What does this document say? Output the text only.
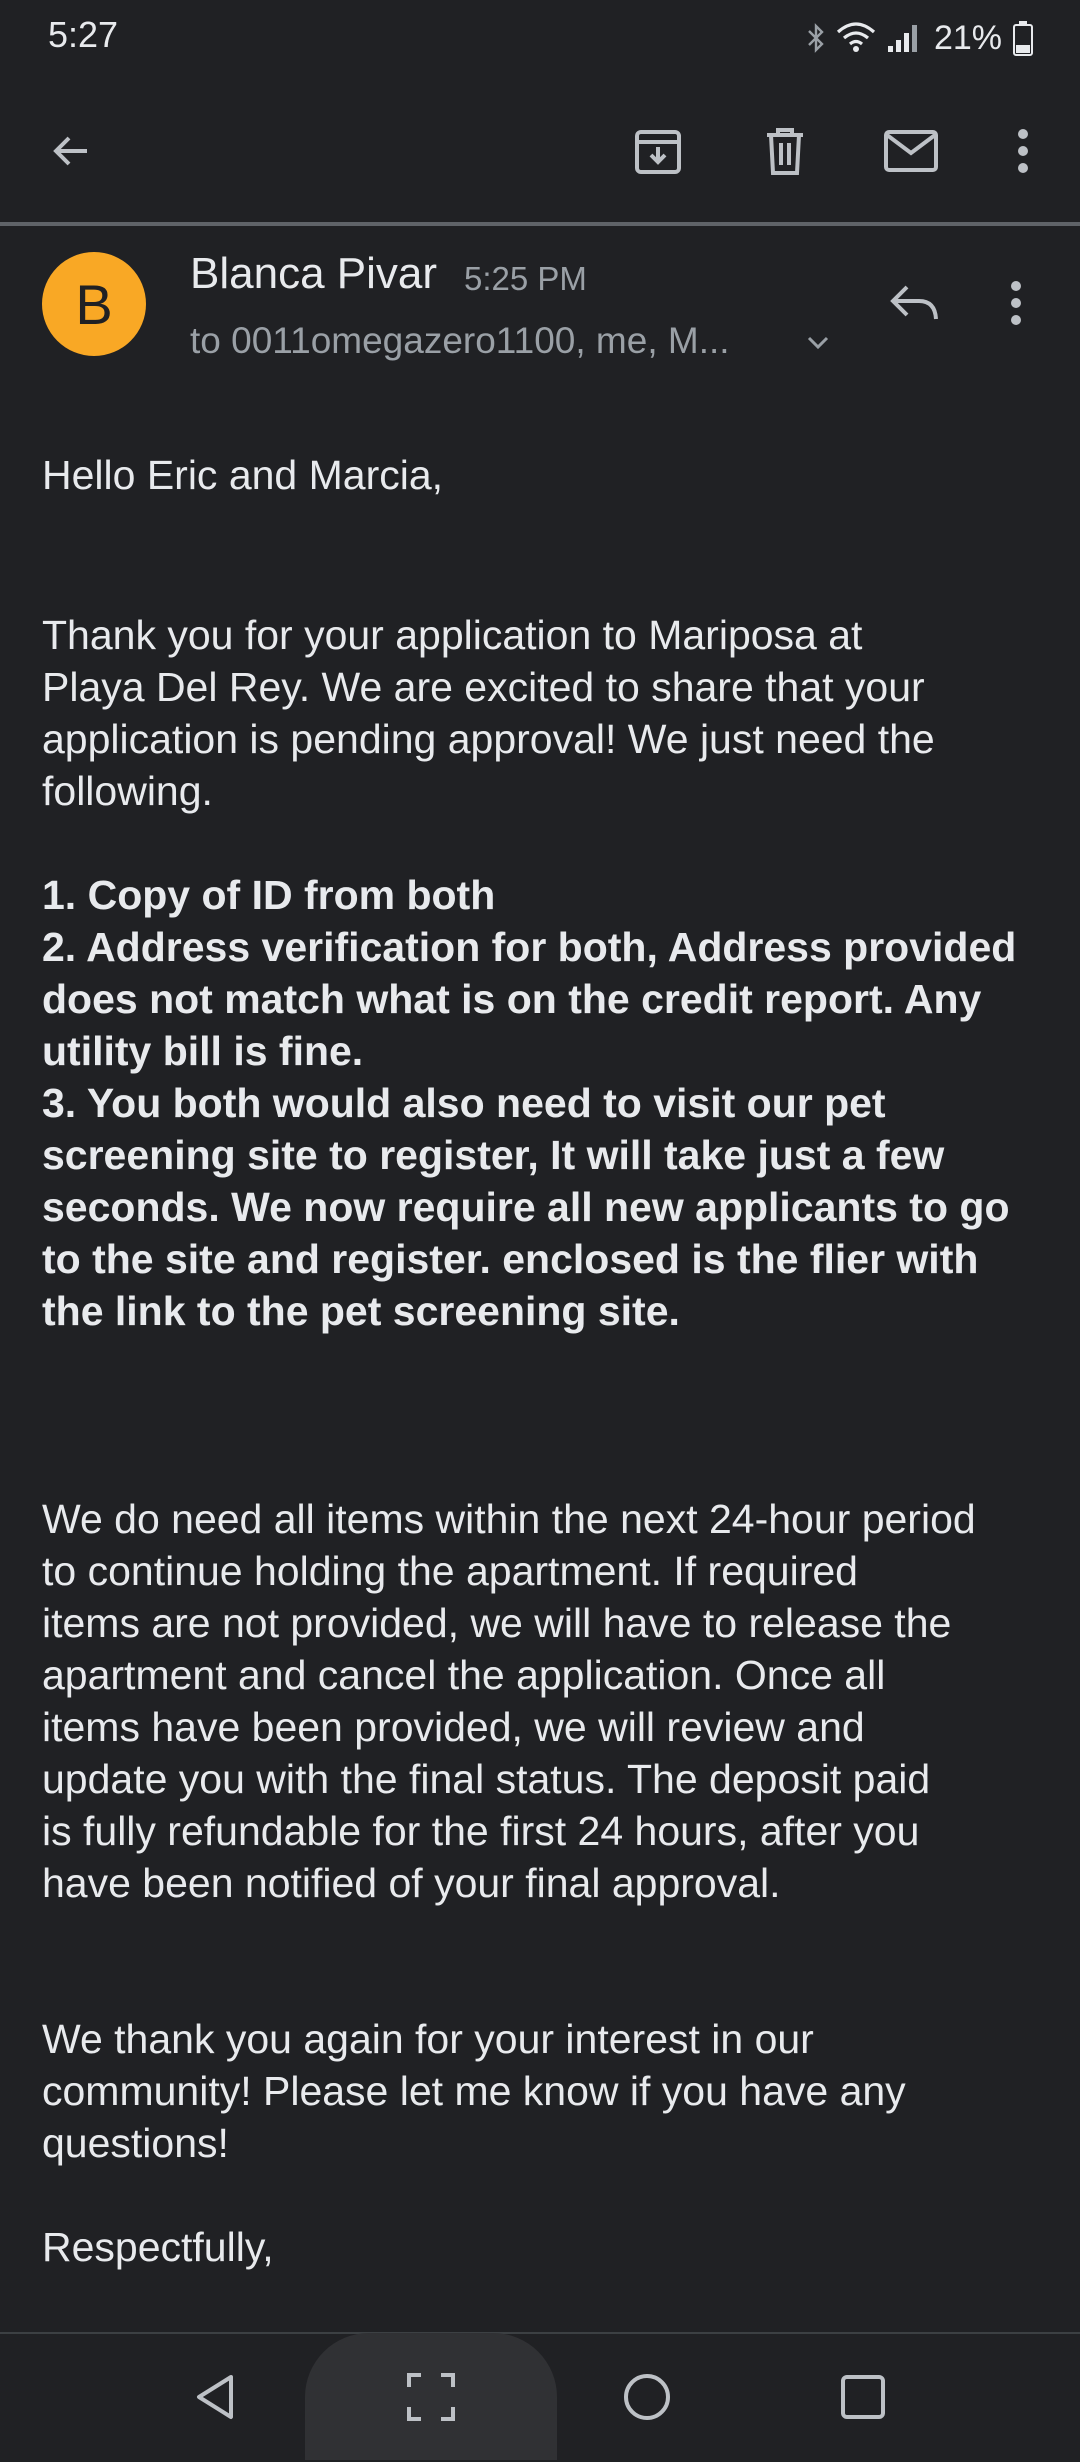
5:27	21%
B	Blanca Pivar 5:25 PM
to 0011omegazero1100, me, M...
Hello Eric and Marcia,
Thank you for your application to Mariposa at
Playa Del Rey. We are excited to share that your
application is pending approval! We just need the
following.
1. Copy of ID from both
2. Address verification for both, Address provided
does not match what is on the credit report. Any
utility bill is fine.
3. You both would also need to visit our pet
screening site to register, It will take just a few
seconds. We now require all new applicants to go
to the site and register. enclosed is the flier with
the link to the pet screening site.
We do need all items within the next 24-hour period
to continue holding the apartment. If required
items are not provided, we will have to release the
apartment and cancel the application. Once all
items have been provided, we will review and
update you with the final status. The deposit paid
is fully refundable for the first 24 hours, after you
have been notified of your final approval.
We thank you again for your interest in our
community! Please let me know if you have any
questions!
Respectfully,
